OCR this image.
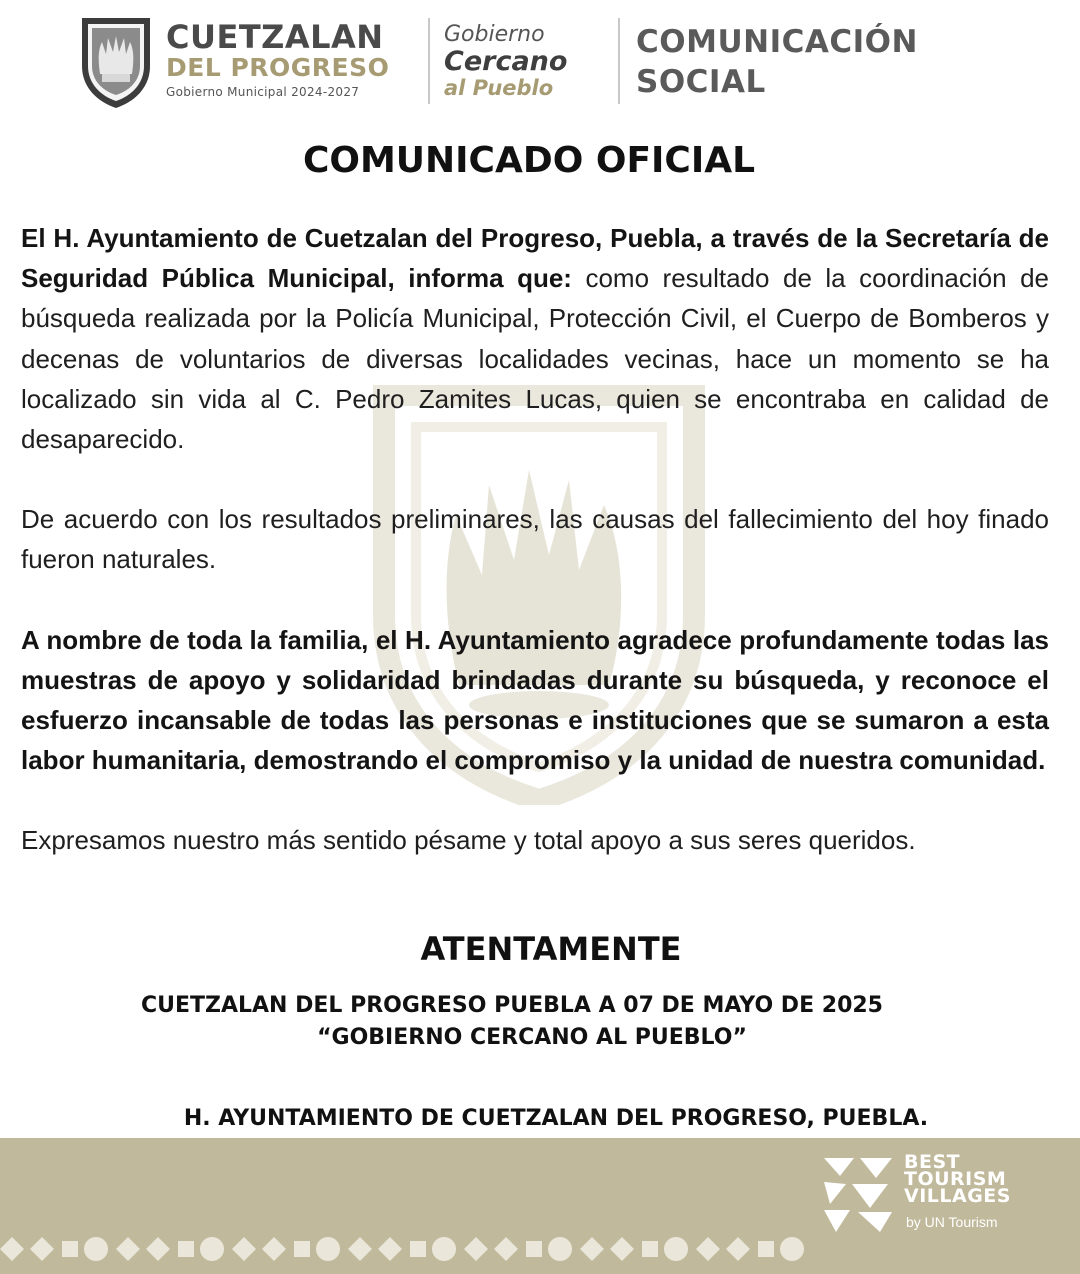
CUETZALAN
DEL PROGRESO
Gobierno Municipal 2024-2027
Gobierno
Cercano
al Pueblo
COMUNICACIÓN
SOCIAL
COMUNICADO OFICIAL

El H. Ayuntamiento de Cuetzalan del Progreso, Puebla, a través de la Secretaría de Seguridad Pública Municipal, informa que: como resultado de la coordinación de búsqueda realizada por la Policía Municipal, Protección Civil, el Cuerpo de Bomberos y decenas de voluntarios de diversas localidades vecinas, hace un momento se ha localizado sin vida al C. Pedro Zamites Lucas, quien se encontraba en calidad de desaparecido.

De acuerdo con los resultados preliminares, las causas del fallecimiento del hoy finado fueron naturales.

A nombre de toda la familia, el H. Ayuntamiento agradece profundamente todas las muestras de apoyo y solidaridad brindadas durante su búsqueda, y reconoce el esfuerzo incansable de todas las personas e instituciones que se sumaron a esta labor humanitaria, demostrando el compromiso y la unidad de nuestra comunidad.

Expresamos nuestro más sentido pésame y total apoyo a sus seres queridos.

ATENTAMENTE
CUETZALAN DEL PROGRESO PUEBLA A 07 DE MAYO DE 2025
“GOBIERNO CERCANO AL PUEBLO”
H. AYUNTAMIENTO DE CUETZALAN DEL PROGRESO, PUEBLA.
BEST
TOURISM
VILLAGES
by UN Tourism
